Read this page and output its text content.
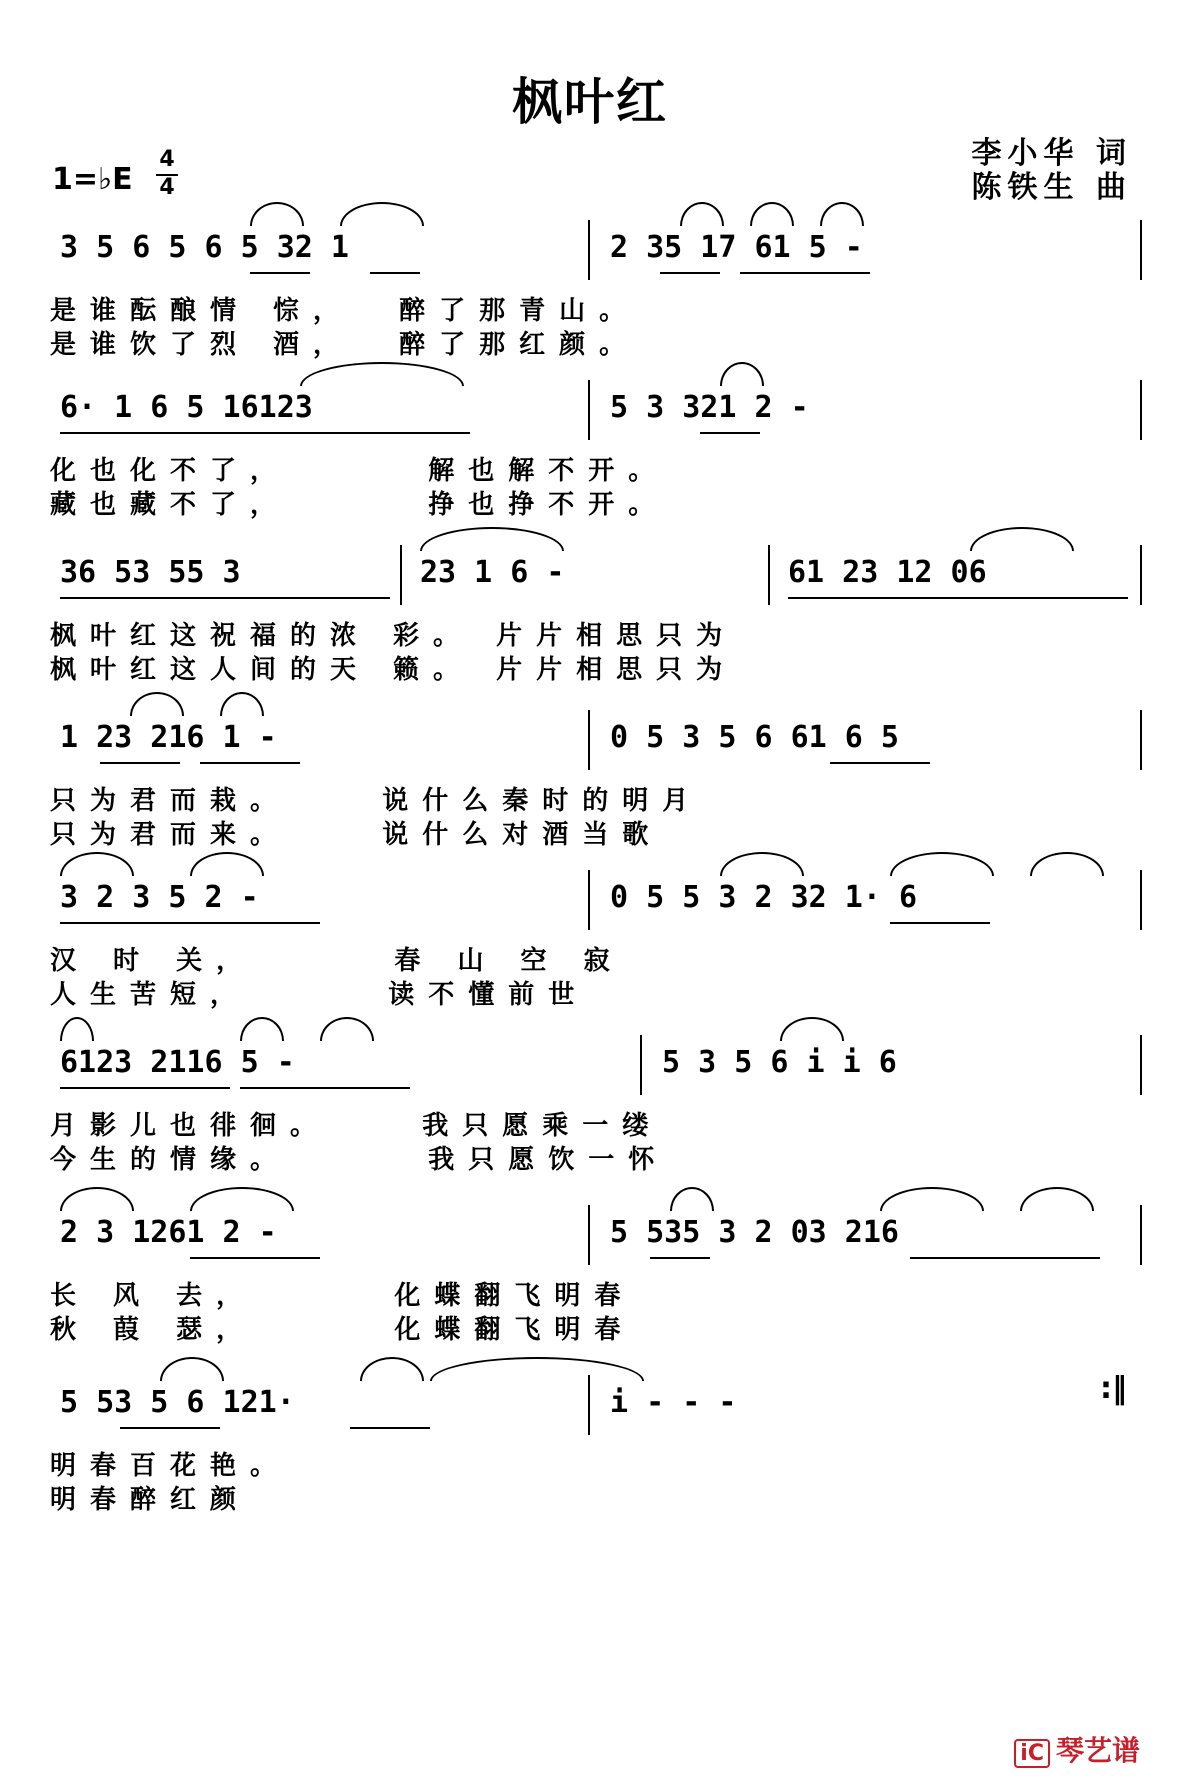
枫叶红
1=♭E
4
4
李小华 词
陈铁生 曲
3 5 6 5 6 5 32 1	2 35 17 61 5 -
是谁酝酿情 悰，  醉了那青山。
是谁饮了烈 酒，  醉了那红颜。
6· 1 6 5 16123	5 3 321 2 -
化也化不了，      解也解不开。
藏也藏不了，      挣也挣不开。
36 53 55 3	23 1 6 -	61 23 12 06
枫叶红这祝福的浓 彩。 片片相思只为
枫叶红这人间的天 籁。 片片相思只为
1 23 216 1 -	0 5 3 5 6 61 6 5
只为君而栽。    说什么秦时的明月
只为君而来。    说什么对酒当歌
3 2 3 5 2 -	0 5 5 3 2 32 1· 6
汉 时 关，      春 山 空 寂
人生苦短，      读不懂前世
6123 2116 5 -	5 3 5 6 i i 6
月影儿也徘徊。    我只愿乘一缕
今生的情缘。      我只愿饮一怀
2 3 1261 2 -	5 535 3 2 03 216
长 风 去，      化蝶翻飞明春
秋 葭 瑟，      化蝶翻飞明春
5 53 5 6 121·	i - - -	:‖
明春百花艳。
明春醉红颜
iC 琴艺谱
